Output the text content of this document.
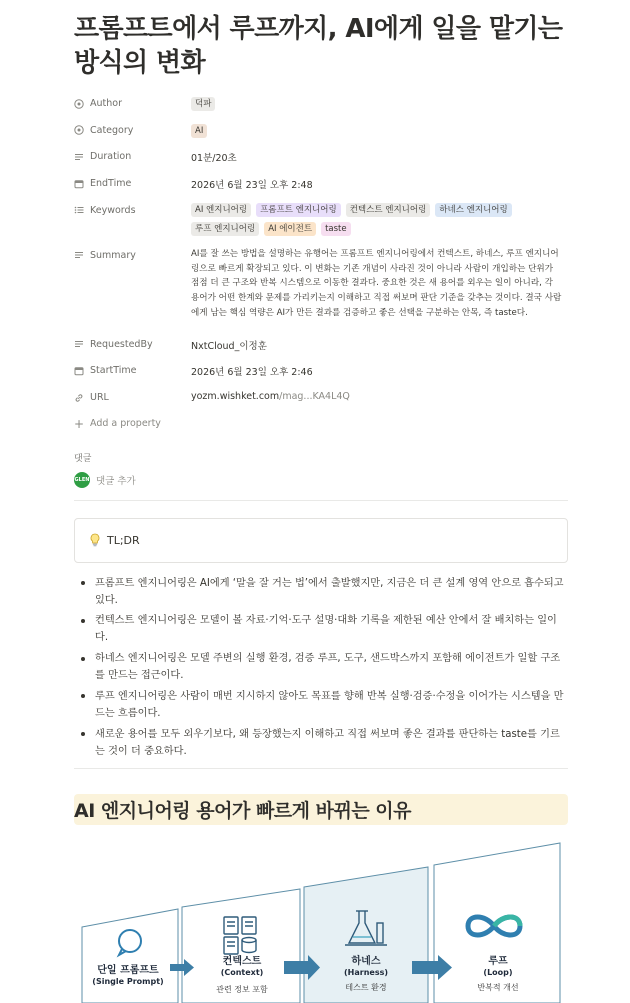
프롬프트에서 루프까지, AI에게 일을 맡기는 방식의 변화
Author	덕파
Category	AI
Duration	01분/20초
EndTime	2026년 6월 23일 오후 2:48
Keywords	AI 엔지니어링 프롬프트 엔지니어링 컨텍스트 엔지니어링 하네스 엔지니어링
루프 엔지니어링 AI 에이전트 taste
Summary	AI를 잘 쓰는 방법을 설명하는 유행어는 프롬프트 엔지니어링에서 컨텍스트, 하네스, 루프 엔지니어
링으로 빠르게 확장되고 있다. 이 변화는 기존 개념이 사라진 것이 아니라 사람이 개입하는 단위가
점점 더 큰 구조와 반복 시스템으로 이동한 결과다. 중요한 것은 새 용어를 외우는 일이 아니라, 각
용어가 어떤 한계와 문제를 가리키는지 이해하고 직접 써보며 판단 기준을 갖추는 것이다. 결국 사람
에게 남는 핵심 역량은 AI가 만든 결과를 검증하고 좋은 선택을 구분하는 안목, 즉 taste다.
RequestedBy	NxtCloud_이정훈
StartTime	2026년 6월 23일 오후 2:46
URL	yozm.wishket.com/mag...KA4L4Q
+ Add a property
댓글
GLEN 댓글 추가
TL;DR
프롬프트 엔지니어링은 AI에게 ‘말을 잘 거는 법’에서 출발했지만, 지금은 더 큰 설계 영역 안으로 흡수되고 있다.
컨텍스트 엔지니어링은 모델이 볼 자료·기억·도구 설명·대화 기록을 제한된 예산 안에서 잘 배치하는 일이다.
하네스 엔지니어링은 모델 주변의 실행 환경, 검증 루프, 도구, 샌드박스까지 포함해 에이전트가 일할 구조를 만드는 접근이다.
루프 엔지니어링은 사람이 매번 지시하지 않아도 목표를 향해 반복 실행·검증·수정을 이어가는 시스템을 만드는 흐름이다.
새로운 용어를 모두 외우기보다, 왜 등장했는지 이해하고 직접 써보며 좋은 결과를 판단하는 taste를 기르는 것이 더 중요하다.
AI 엔지니어링 용어가 빠르게 바뀌는 이유
단일 프롬프트
(Single Prompt)
컨텍스트
(Context)
관련 정보 포함
하네스
(Harness)
테스트 환경
루프
(Loop)
반복적 개선
